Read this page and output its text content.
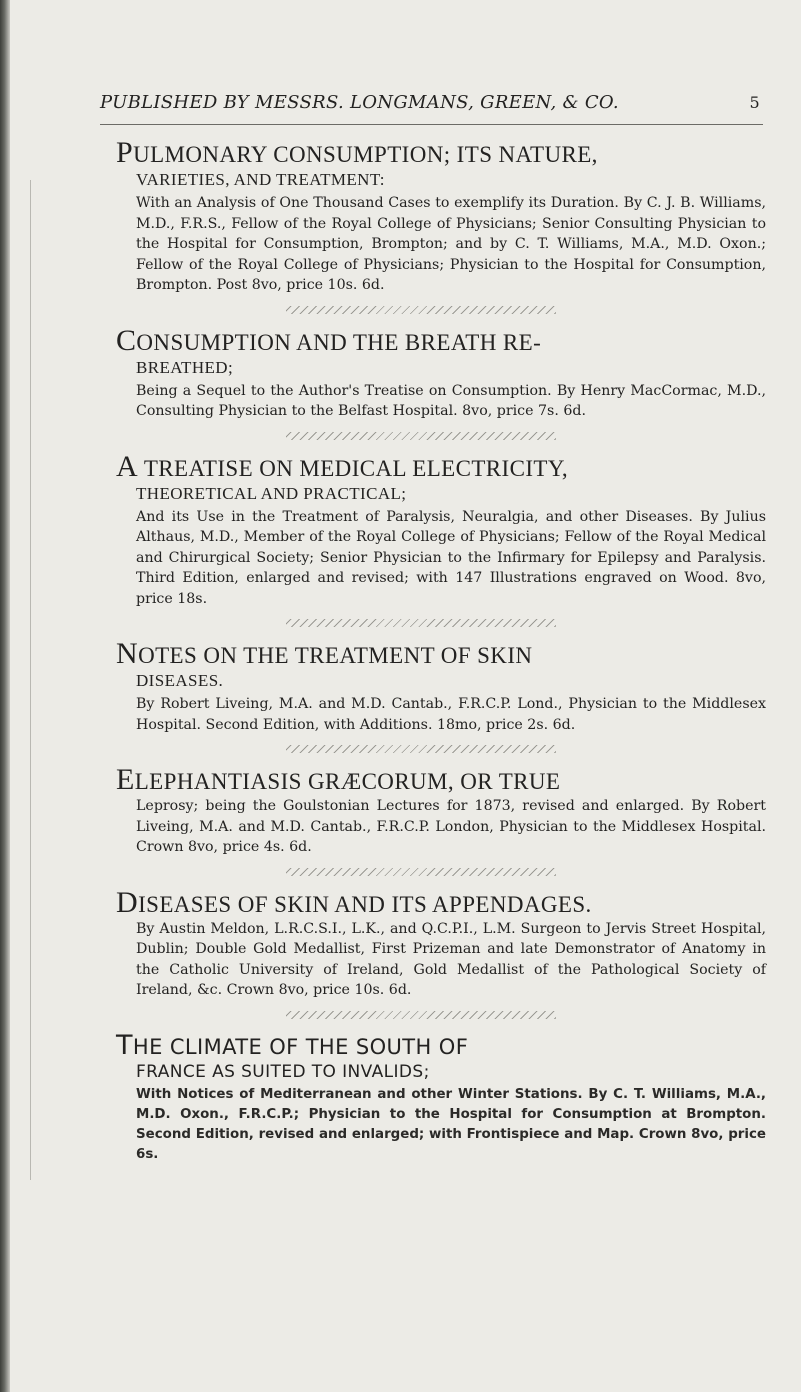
PUBLISHED BY MESSRS. LONGMANS, GREEN, & CO.	5
PULMONARY CONSUMPTION; ITS NATURE,
VARIETIES, AND TREATMENT:

With an Analysis of One Thousand Cases to exemplify its Duration. By C. J. B. Williams, M.D., F.R.S., Fellow of the Royal College of Physicians; Senior Consulting Physician to the Hospital for Consumption, Brompton; and by C. T. Williams, M.A., M.D. Oxon.; Fellow of the Royal College of Physicians; Physician to the Hospital for Consumption, Brompton. Post 8vo, price 10s. 6d.

CONSUMPTION AND THE BREATH RE-
BREATHED;

Being a Sequel to the Author's Treatise on Consumption. By Henry MacCormac, M.D., Consulting Physician to the Belfast Hospital. 8vo, price 7s. 6d.

A TREATISE ON MEDICAL ELECTRICITY,
THEORETICAL AND PRACTICAL;

And its Use in the Treatment of Paralysis, Neuralgia, and other Diseases. By Julius Althaus, M.D., Member of the Royal College of Physicians; Fellow of the Royal Medical and Chirurgical Society; Senior Physician to the Infirmary for Epilepsy and Paralysis. Third Edition, enlarged and revised; with 147 Illustrations engraved on Wood. 8vo, price 18s.

NOTES ON THE TREATMENT OF SKIN
DISEASES.

By Robert Liveing, M.A. and M.D. Cantab., F.R.C.P. Lond., Physician to the Middlesex Hospital. Second Edition, with Additions. 18mo, price 2s. 6d.

ELEPHANTIASIS GRÆCORUM, OR TRUE

Leprosy; being the Goulstonian Lectures for 1873, revised and enlarged. By Robert Liveing, M.A. and M.D. Cantab., F.R.C.P. London, Physician to the Middlesex Hospital. Crown 8vo, price 4s. 6d.

DISEASES OF SKIN AND ITS APPENDAGES.

By Austin Meldon, L.R.C.S.I., L.K., and Q.C.P.I., L.M. Surgeon to Jervis Street Hospital, Dublin; Double Gold Medallist, First Prizeman and late Demonstrator of Anatomy in the Catholic University of Ireland, Gold Medallist of the Pathological Society of Ireland, &c. Crown 8vo, price 10s. 6d.

THE CLIMATE OF THE SOUTH OF
FRANCE AS SUITED TO INVALIDS;

With Notices of Mediterranean and other Winter Stations. By C. T. Williams, M.A., M.D. Oxon., F.R.C.P.; Physician to the Hospital for Consumption at Brompton. Second Edition, revised and enlarged; with Frontispiece and Map. Crown 8vo, price 6s.
